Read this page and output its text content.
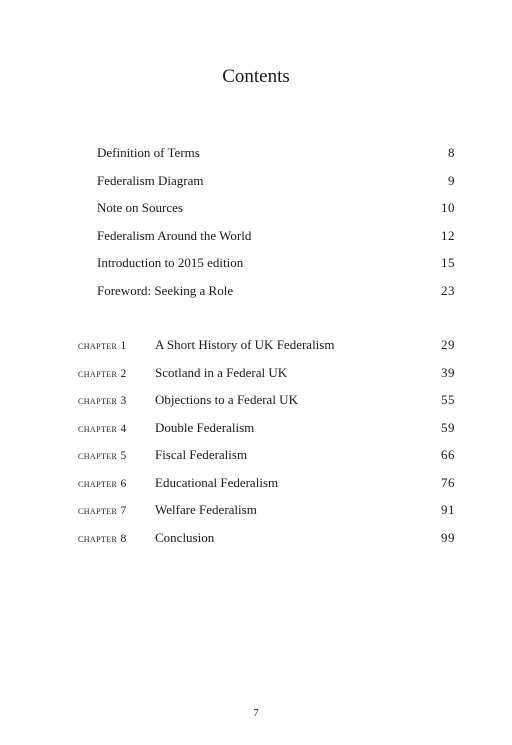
Contents
Definition of Terms	8
Federalism Diagram	9
Note on Sources	10
Federalism Around the World	12
Introduction to 2015 edition	15
Foreword: Seeking a Role	23
chapter 1	A Short History of UK Federalism	29
chapter 2	Scotland in a Federal UK	39
chapter 3	Objections to a Federal UK	55
chapter 4	Double Federalism	59
chapter 5	Fiscal Federalism	66
chapter 6	Educational Federalism	76
chapter 7	Welfare Federalism	91
chapter 8	Conclusion	99
7
